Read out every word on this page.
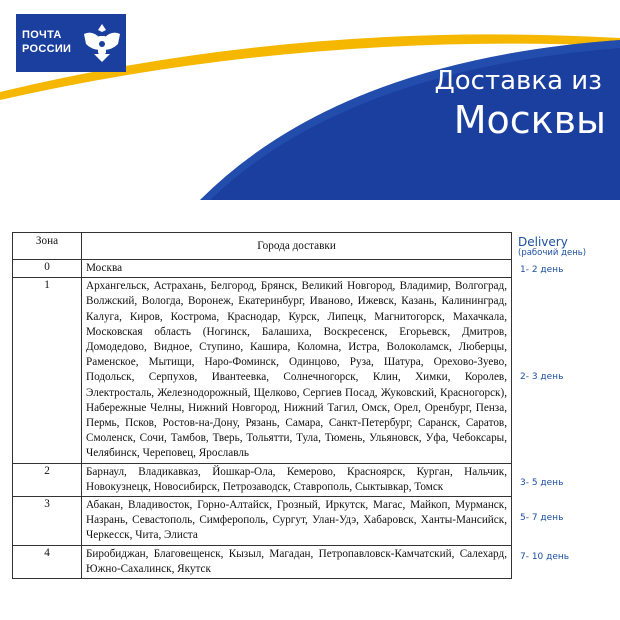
ПОЧТА
РОССИИ
Доставка из
Москвы
Зона	Города доставки
0	Москва
1	Архангельск, Астрахань, Белгород, Брянск, Великий Новгород, Владимир, Волгоград, Волжский, Вологда, Воронеж, Екатеринбург, Иваново, Ижевск, Казань, Калининград, Калуга, Киров, Кострома, Краснодар, Курск, Липецк, Магнитогорск, Махачкала, Московская область (Ногинск, Балашиха, Воскресенск, Егорьевск, Дмитров, Домодедово, Видное, Ступино, Кашира, Коломна, Истра, Волоколамск, Люберцы, Раменское, Мытищи, Наро-Фоминск, Одинцово, Руза, Шатура, Орехово-Зуево, Подольск, Серпухов, Ивантеевка, Солнечногорск, Клин, Химки, Королев, Электросталь, Железнодорожный, Щелково, Сергиев Посад, Жуковский, Красногорск), Набережные Челны, Нижний Новгород, Нижний Тагил, Омск, Орел, Оренбург, Пенза, Пермь, Псков, Ростов-на-Дону, Рязань, Самара, Санкт-Петербург, Саранск, Саратов, Смоленск, Сочи, Тамбов, Тверь, Тольятти, Тула, Тюмень, Ульяновск, Уфа, Чебоксары, Челябинск, Череповец, Ярославль
2	Барнаул, Владикавказ, Йошкар-Ола, Кемерово, Красноярск, Курган, Нальчик, Новокузнецк, Новосибирск, Петрозаводск, Ставрополь, Сыктывкар, Томск
3	Абакан, Владивосток, Горно-Алтайск, Грозный, Иркутск, Магас, Майкоп, Мурманск, Назрань, Севастополь, Симферополь, Сургут, Улан-Удэ, Хабаровск, Ханты-Мансийск, Черкесск, Чита, Элиста
4	Биробиджан, Благовещенск, Кызыл, Магадан, Петропавловск-Камчатский, Салехард, Южно-Сахалинск, Якутск
Delivery
(рабочий день)
1- 2 день
2- 3 день
3- 5 день
5- 7 день
7- 10 день
